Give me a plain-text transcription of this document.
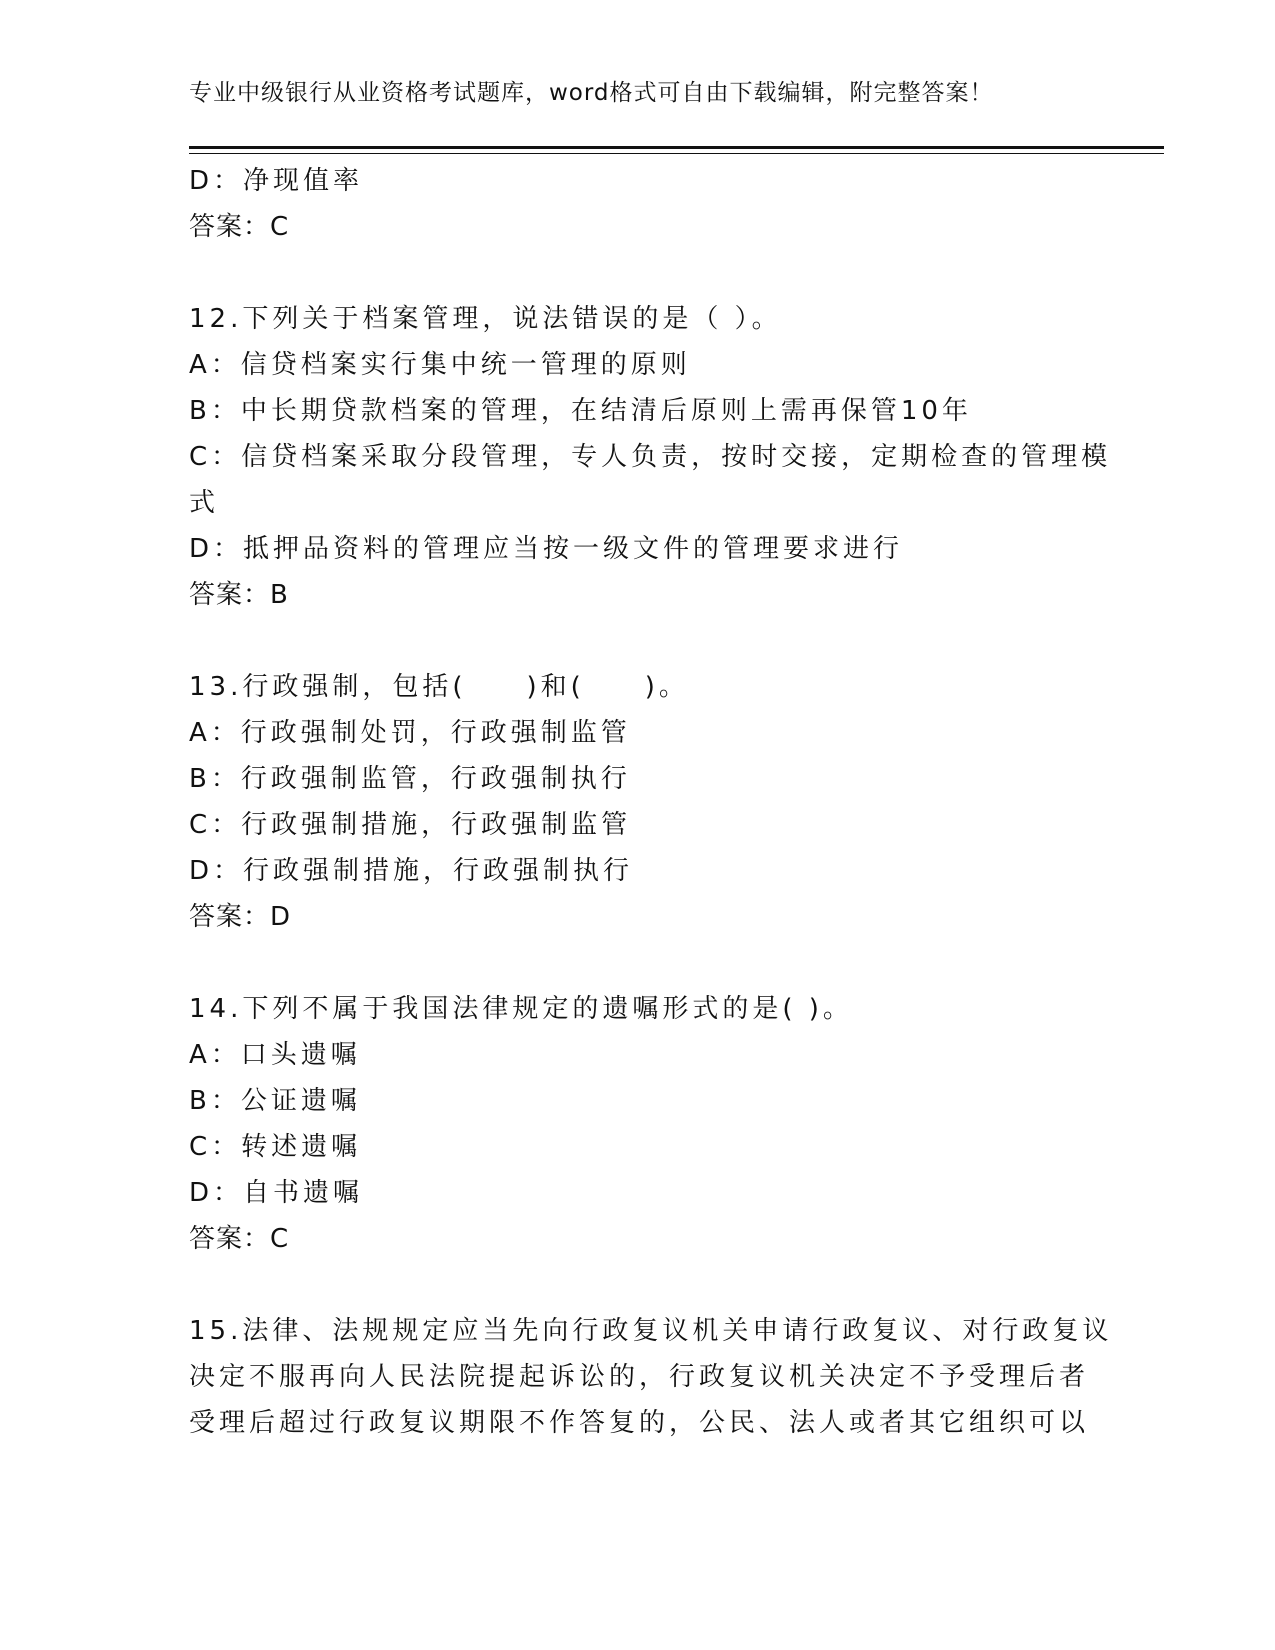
专业中级银行从业资格考试题库，word格式可自由下载编辑，附完整答案！
D：净现值率
答案：C
12.下列关于档案管理，说法错误的是（ ）。
A：信贷档案实行集中统一管理的原则
B：中长期贷款档案的管理，在结清后原则上需再保管10年
C：信贷档案采取分段管理，专人负责，按时交接，定期检查的管理模
式
D：抵押品资料的管理应当按一级文件的管理要求进行
答案：B
13.行政强制，包括(　　)和(　　)。
A：行政强制处罚，行政强制监管
B：行政强制监管，行政强制执行
C：行政强制措施，行政强制监管
D：行政强制措施，行政强制执行
答案：D
14.下列不属于我国法律规定的遗嘱形式的是( )。
A：口头遗嘱
B：公证遗嘱
C：转述遗嘱
D：自书遗嘱
答案：C
15.法律、法规规定应当先向行政复议机关申请行政复议、对行政复议
决定不服再向人民法院提起诉讼的，行政复议机关决定不予受理后者
受理后超过行政复议期限不作答复的，公民、法人或者其它组织可以
